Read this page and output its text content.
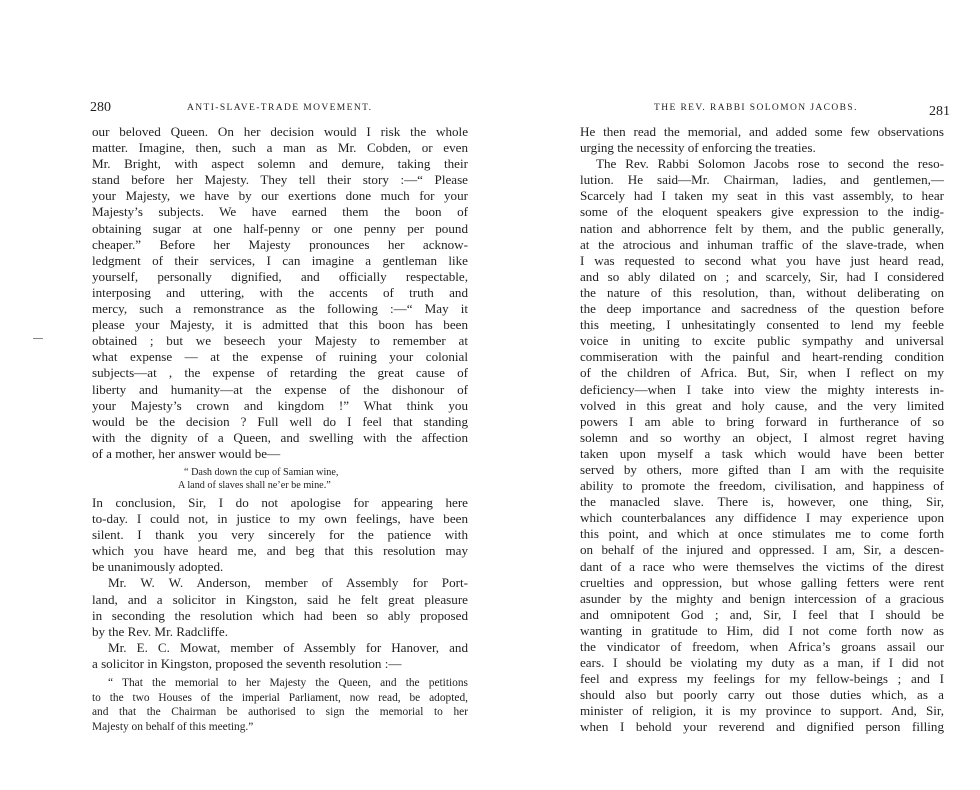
280	ANTI-SLAVE-TRADE MOVEMENT.
our beloved Queen. On her decision would I risk the whole
matter. Imagine, then, such a man as Mr. Cobden, or even
Mr. Bright, with aspect solemn and demure, taking their
stand before her Majesty. They tell their story :—“ Please
your Majesty, we have by our exertions done much for your
Majesty’s subjects. We have earned them the boon of
obtaining sugar at one half-penny or one penny per pound
cheaper.” Before her Majesty pronounces her acknow-
ledgment of their services, I can imagine a gentleman like
yourself, personally dignified, and officially respectable,
interposing and uttering, with the accents of truth and
mercy, such a remonstrance as the following :—“ May it
please your Majesty, it is admitted that this boon has been
obtained ; but we beseech your Majesty to remember at
what expense — at the expense of ruining your colonial
subjects—at , the expense of retarding the great cause of
liberty and humanity—at the expense of the dishonour of
your Majesty’s crown and kingdom !” What think you
would be the decision ? Full well do I feel that standing
with the dignity of a Queen, and swelling with the affection
of a mother, her answer would be—
“ Dash down the cup of Samian wine,
A land of slaves shall ne’er be mine.”
In conclusion, Sir, I do not apologise for appearing here
to-day. I could not, in justice to my own feelings, have been
silent. I thank you very sincerely for the patience with
which you have heard me, and beg that this resolution may
be unanimously adopted.
Mr. W. W. Anderson, member of Assembly for Port-
land, and a solicitor in Kingston, said he felt great pleasure
in seconding the resolution which had been so ably proposed
by the Rev. Mr. Radcliffe.
Mr. E. C. Mowat, member of Assembly for Hanover, and
a solicitor in Kingston, proposed the seventh resolution :—
“ That the memorial to her Majesty the Queen, and the petitions
to the two Houses of the imperial Parliament, now read, be adopted,
and that the Chairman be authorised to sign the memorial to her
Majesty on behalf of this meeting.”
THE REV. RABBI SOLOMON JACOBS.	281
He then read the memorial, and added some few observations
urging the necessity of enforcing the treaties.
The Rev. Rabbi Solomon Jacobs rose to second the reso-
lution. He said—Mr. Chairman, ladies, and gentlemen,—
Scarcely had I taken my seat in this vast assembly, to hear
some of the eloquent speakers give expression to the indig-
nation and abhorrence felt by them, and the public generally,
at the atrocious and inhuman traffic of the slave-trade, when
I was requested to second what you have just heard read,
and so ably dilated on ; and scarcely, Sir, had I considered
the nature of this resolution, than, without deliberating on
the deep importance and sacredness of the question before
this meeting, I unhesitatingly consented to lend my feeble
voice in uniting to excite public sympathy and universal
commiseration with the painful and heart-rending condition
of the children of Africa. But, Sir, when I reflect on my
deficiency—when I take into view the mighty interests in-
volved in this great and holy cause, and the very limited
powers I am able to bring forward in furtherance of so
solemn and so worthy an object, I almost regret having
taken upon myself a task which would have been better
served by others, more gifted than I am with the requisite
ability to promote the freedom, civilisation, and happiness of
the manacled slave. There is, however, one thing, Sir,
which counterbalances any diffidence I may experience upon
this point, and which at once stimulates me to come forth
on behalf of the injured and oppressed. I am, Sir, a descen-
dant of a race who were themselves the victims of the direst
cruelties and oppression, but whose galling fetters were rent
asunder by the mighty and benign intercession of a gracious
and omnipotent God ; and, Sir, I feel that I should be
wanting in gratitude to Him, did I not come forth now as
the vindicator of freedom, when Africa’s groans assail our
ears. I should be violating my duty as a man, if I did not
feel and express my feelings for my fellow-beings ; and I
should also but poorly carry out those duties which, as a
minister of religion, it is my province to support. And, Sir,
when I behold your reverend and dignified person filling
